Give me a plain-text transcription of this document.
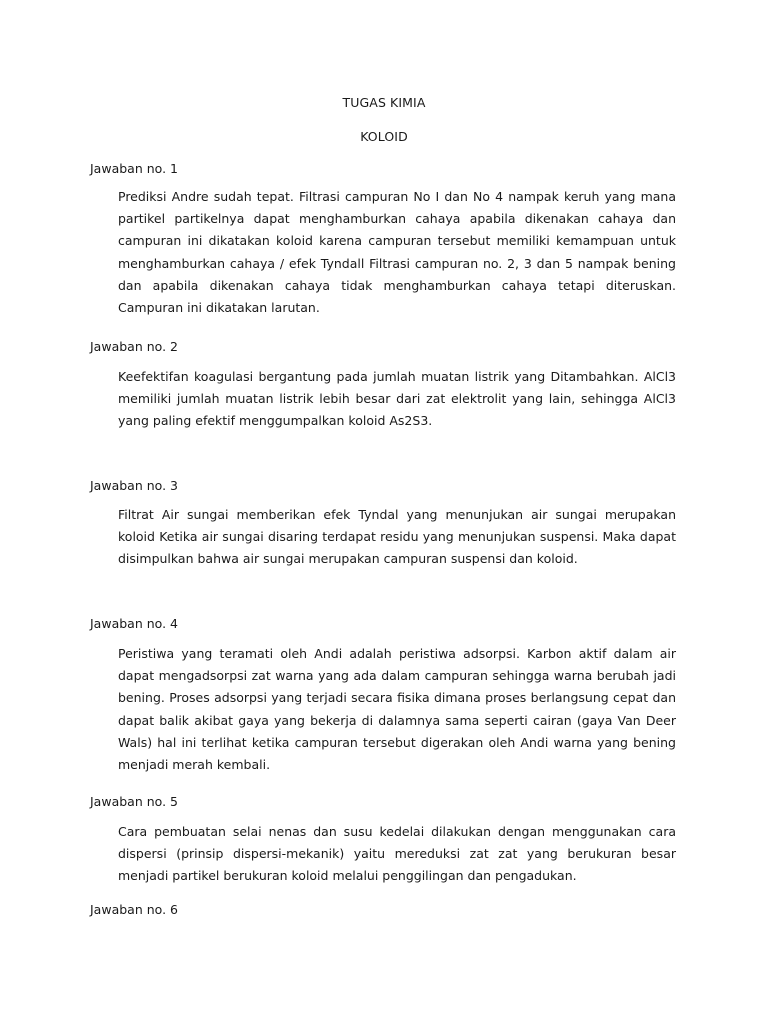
TUGAS KIMIA
KOLOID
Jawaban no. 1
Prediksi Andre sudah tepat. Filtrasi campuran No I dan No 4 nampak keruh yang mana partikel partikelnya dapat menghamburkan cahaya apabila dikenakan cahaya dan campuran ini dikatakan koloid karena campuran tersebut memiliki kemampuan untuk menghamburkan cahaya / efek Tyndall Filtrasi campuran no. 2, 3 dan 5 nampak bening dan apabila dikenakan cahaya tidak menghamburkan cahaya tetapi diteruskan. Campuran ini dikatakan larutan.
Jawaban no. 2
Keefektifan koagulasi bergantung pada jumlah muatan listrik yang Ditambahkan. AlCl3 memiliki jumlah muatan listrik lebih besar dari zat elektrolit yang lain, sehingga AlCl3 yang paling efektif menggumpalkan koloid As2S3.
Jawaban no. 3
Filtrat Air sungai memberikan efek Tyndal yang menunjukan air sungai merupakan koloid Ketika air sungai disaring terdapat residu yang menunjukan suspensi. Maka dapat disimpulkan bahwa air sungai merupakan campuran suspensi dan koloid.
Jawaban no. 4
Peristiwa yang teramati oleh Andi adalah peristiwa adsorpsi. Karbon aktif dalam air dapat mengadsorpsi zat warna yang ada dalam campuran sehingga warna berubah jadi bening. Proses adsorpsi yang terjadi secara fisika dimana proses berlangsung cepat dan dapat balik akibat gaya yang bekerja di dalamnya sama seperti cairan (gaya Van Deer Wals) hal ini terlihat ketika campuran tersebut digerakan oleh Andi warna yang bening menjadi merah kembali.
Jawaban no. 5
Cara pembuatan selai nenas dan susu kedelai dilakukan dengan menggunakan cara dispersi (prinsip dispersi-mekanik) yaitu mereduksi zat zat yang berukuran besar menjadi partikel berukuran koloid melalui penggilingan dan pengadukan.
Jawaban no. 6
